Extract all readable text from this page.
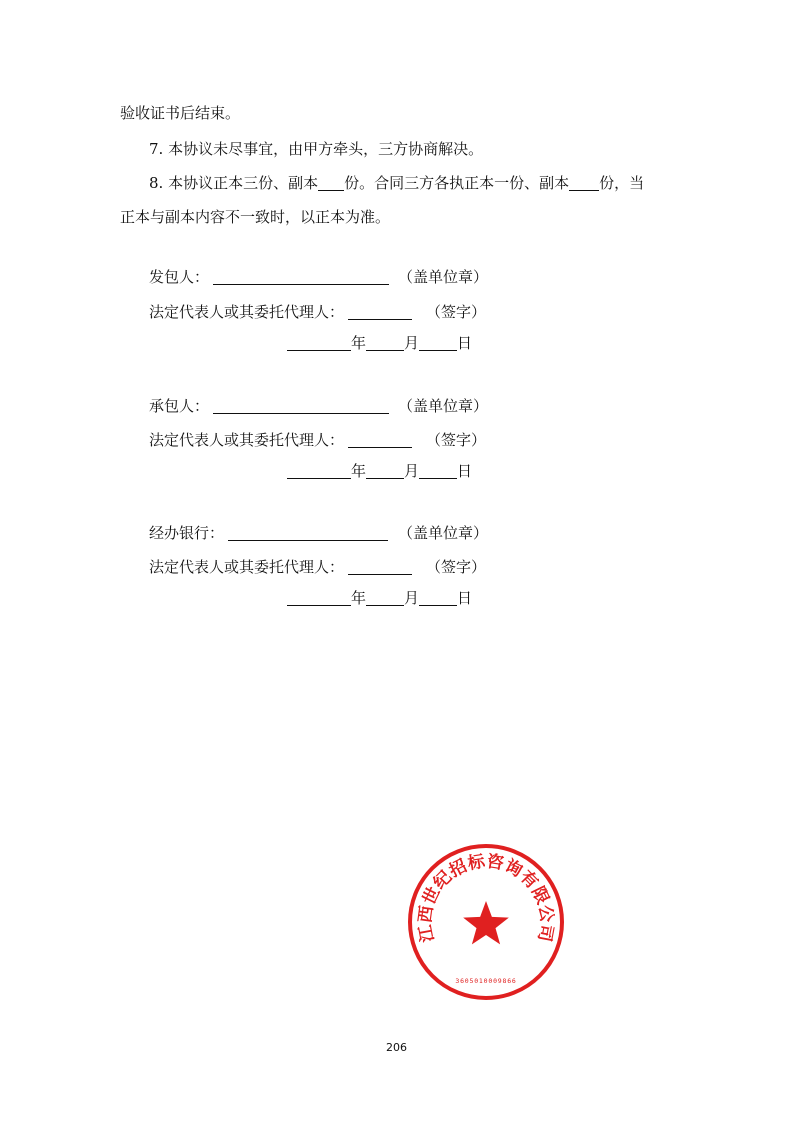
验收证书后结束。
7. 本协议未尽事宜，由甲方牵头，三方协商解决。
8. 本协议正本三份、副本 份。合同三方各执正本一份、副本 份，当
正本与副本内容不一致时，以正本为准。
发包人：	（盖单位章）
法定代表人或其委托代理人：	（签字）
年	月	日
承包人：	（盖单位章）
法定代表人或其委托代理人：	（签字）
年	月	日
经办银行：	（盖单位章）
法定代表人或其委托代理人：	（签字）
年	月	日
江西世纪招标咨询有限公司
3605010009866
206
